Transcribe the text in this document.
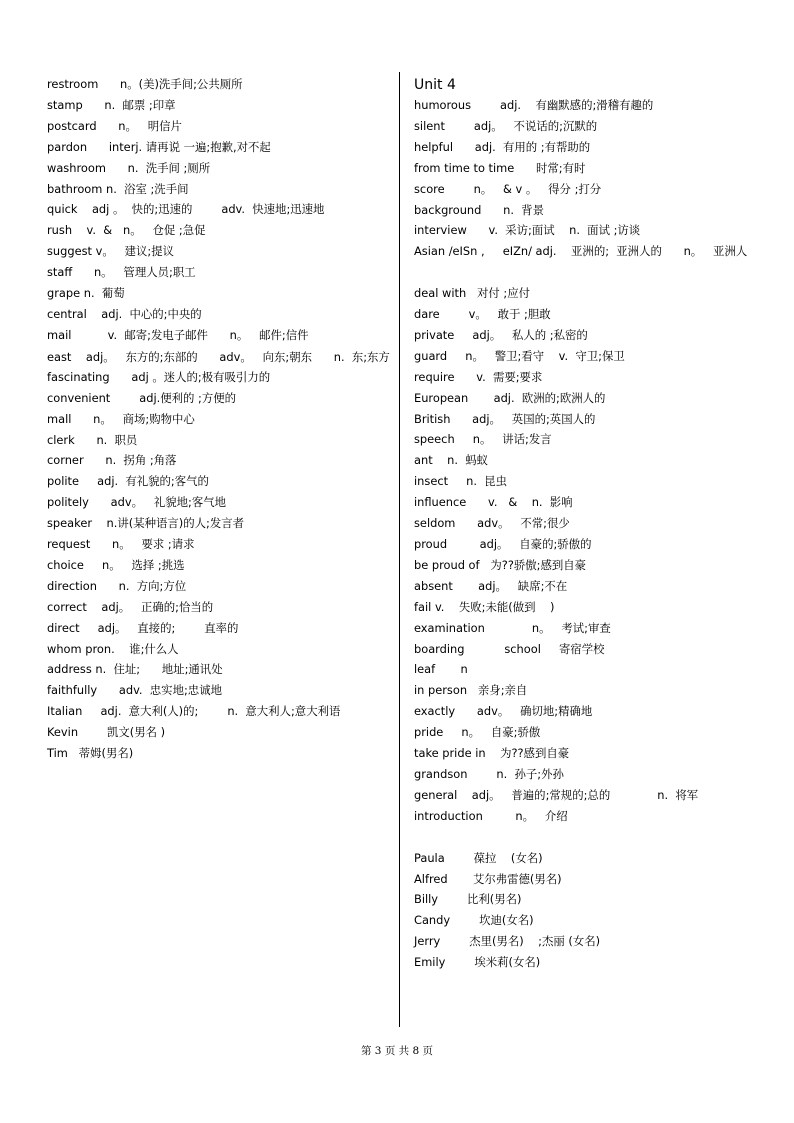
restroom      n。(美)洗手间;公共厕所

stamp      n.  邮票 ;印章

postcard      n。   明信片

pardon      interj. 请再说 一遍;抱歉,对不起

washroom      n.  洗手间 ;厕所

bathroom n.  浴室 ;洗手间

quick    adj 。  快的;迅速的        adv.  快速地;迅速地

rush    v.  &   n。   仓促 ;急促

suggest v。   建议;提议

staff      n。   管理人员;职工

grape n.  葡萄

central    adj.  中心的;中央的

mail          v.  邮寄;发电子邮件      n。   邮件;信件

east    adj。   东方的;东部的      adv。   向东;朝东      n.  东;东方

fascinating      adj 。迷人的;极有吸引力的

convenient        adj.便利的 ;方便的

mall      n。   商场;购物中心

clerk      n.  职员

corner      n.  拐角 ;角落

polite     adj.  有礼貌的;客气的

politely      adv。   礼貌地;客气地

speaker    n.讲(某种语言)的人;发言者

request      n。   要求 ;请求

choice     n。   选择 ;挑选

direction      n.  方向;方位

correct    adj。   正确的;恰当的

direct     adj。   直接的;        直率的

whom pron.    谁;什么人

address n.  住址;      地址;通讯处

faithfully      adv.  忠实地;忠诚地

Italian     adj.  意大利(人)的;        n.  意大利人;意大利语

Kevin        凯文(男名 )

Tim   蒂姆(男名)

Unit 4

humorous        adj.    有幽默感的;滑稽有趣的

silent        adj。   不说话的;沉默的

helpful      adj.  有用的 ;有帮助的

from time to time      时常;有时

score        n。   & v 。   得分 ;打分

background      n.  背景

interview      v.  采访;面试    n.  面试 ;访谈

Asian /eISn ,     eIZn/ adj.    亚洲的;  亚洲人的      n。   亚洲人

deal with   对付 ;应付

dare        v。   敢于 ;胆敢

private     adj。   私人的 ;私密的

guard     n。   警卫;看守    v.  守卫;保卫

require      v.  需要;要求

European       adj.  欧洲的;欧洲人的

British      adj。   英国的;英国人的

speech     n。   讲话;发言

ant    n.  蚂蚁

insect     n.  昆虫

influence      v.   &    n.  影响

seldom      adv。   不常;很少

proud         adj。   自豪的;骄傲的

be proud of   为??骄傲;感到自豪

absent       adj。   缺席;不在

fail v.    失败;未能(做到    )

examination             n。   考试;审查

boarding           school     寄宿学校

leaf       n

in person   亲身;亲自

exactly      adv。   确切地;精确地

pride     n。   自豪;骄傲

take pride in    为??感到自豪

grandson        n.  孙子;外孙

general    adj。   普遍的;常规的;总的             n.  将军

introduction         n。   介绍

Paula        葆拉    (女名)

Alfred       艾尔弗雷德(男名)

Billy        比利(男名)

Candy        坎迪(女名)

Jerry        杰里(男名)    ;杰丽 (女名)

Emily        埃米莉(女名)

第 3 页 共 8 页
